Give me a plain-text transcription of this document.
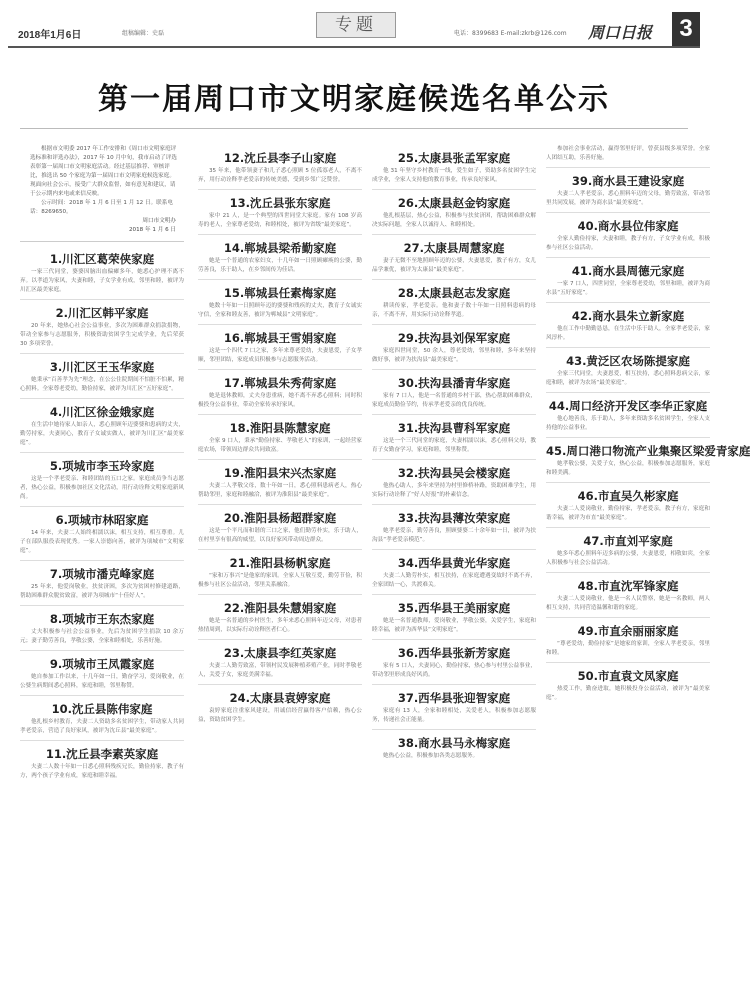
2018年1月6日	组稿编辑：史磊	专题	电话：8399683 E-mail:zkrb@126.com 周口日报	3
第一届周口市文明家庭候选名单公示
根据市文明委 2017 年工作安排和《周口市文明家庭评选标准和评选办法》，2017 年 10 月中旬，我市启动了评选表彰第一届周口市文明家庭活动。经过基层推荐、审核评比，推选出 50 个家庭为第一届周口市文明家庭候选家庭。现面向社会公示，接受广大群众监督，如有意见和建议，请于公示期内来电或来信反映。
公示时间：2018 年 1 月 6 日至 1 月 12 日。联系电话：8269650。
周口市文明办
2018 年 1 月 6 日
1.川汇区葛荣侠家庭
一家三代同堂，婆婆因脑出血偏瘫多年，她悉心护理不离不弃。以孝道为家风，夫妻和睦，子女学业有成，邻里和睦，被评为川汇区最美家庭。
2.川汇区韩平家庭
20 年来，她热心社会公益事业，多次为困难群众捐款捐物，带动全家参与志愿服务，积极资助贫困学生完成学业，先后荣获 30 多项荣誉。
3.川汇区王玉华家庭
她秉承“百善孝为先”理念，在公公住院期间不怕脏不怕累，精心照料。全家尊老爱幼，勤俭持家，被评为川汇区“五好家庭”。
4.川汇区徐金娥家庭
在生活中她待家人如亲人，悉心照顾年迈婆婆和患病的丈夫，勤劳持家，夫妻同心，教育子女诚实做人，被评为川汇区“最美家庭”。
5.项城市李玉玲家庭
这是一个孝老爱亲、和睦团结的五口之家。家庭成员争当志愿者，热心公益，积极参加社区文化活动，用行动诠释文明家庭新风尚。
6.项城市林昭家庭
14 年来，夫妻二人始终相濡以沫，相互支持，相互尊重。儿子在部队服役表现优秀。一家人崇德向善，被评为项城市“文明家庭”。
7.项城市潘克峰家庭
25 年来，他爱岗敬业，扶贫济困，多次为贫困村修建道路，帮助困难群众脱贫致富，被评为项城市“十佳好人”。
8.项城市王东杰家庭
丈夫积极参与社会公益事业，先后为贫困学生捐款 10 余万元；妻子勤劳善良，孝敬公婆，全家和睦相处，乐善好施。
9.项城市王凤霞家庭
她自参加工作以来，十几年如一日，勤奋学习，爱岗敬业，在公婆生病期间悉心照料，家庭和睦，邻里称赞。
10.沈丘县陈伟家庭
他扎根乡村教育，夫妻二人资助多名贫困学生，带动家人共同孝老爱亲，营造了良好家风，被评为沈丘县“最美家庭”。
11.沈丘县李素英家庭
夫妻二人数十年如一日悉心照料残疾兄长，勤俭持家，教子有方，两个孩子学业有成，家庭和睦幸福。
12.沈丘县李子山家庭
35 年来，他带领妻子和儿子悉心照顾 5 位孤寡老人，不离不弃，用行动诠释孝老爱亲的传统美德，受到乡邻广泛赞誉。
13.沈丘县张东家庭
家中 21 人，是一个典型的四世同堂大家庭。家有 108 岁高寿的老人，全家尊老爱幼，和睦相处，被评为省级“最美家庭”。
14.郸城县梁希勤家庭
她是一个普通的农家妇女，十几年如一日照顾瘫痪的公婆，勤劳善良，乐于助人，在乡邻间传为佳话。
15.郸城县任素梅家庭
她数十年如一日照顾年迈的婆婆和残疾的丈夫，教育子女诚实守信，全家和睦友善，被评为郸城县“文明家庭”。
16.郸城县王雪娟家庭
这是一个四代 7 口之家，多年来尊老爱幼，夫妻恩爱，子女孝顺，邻里团结，家庭成员积极参与志愿服务活动。
17.郸城县朱秀荷家庭
她是退休教师，丈夫身患重病，她不离不弃悉心照料；同时积极投身公益事业，带动全家传承好家风。
18.淮阳县陈慧家庭
全家 9 口人，秉承“勤俭持家、孝敬老人”的家训，一起经营家庭农场，带领周边群众共同致富。
19.淮阳县宋兴杰家庭
夫妻二人孝敬父母，数十年如一日，悉心照料患病老人，热心帮助邻里，家庭和睦融洽，被评为淮阳县“最美家庭”。
20.淮阳县杨超群家庭
这是一个平凡而和谐的三口之家，他们勤劳朴实，乐于助人，在村里享有很高的威望，以良好家风带动周边群众。
21.淮阳县杨帆家庭
“家和万事兴”是他家的家训。全家人互敬互爱，勤劳节俭，积极参与社区公益活动，邻里关系融洽。
22.淮阳县朱慧娟家庭
她是一名普通的乡村医生，多年来悉心照料年迈父母，对患者热情周到，以实际行动诠释医者仁心。
23.太康县李红英家庭
夫妻二人勤劳致富，带领村民发展种植养殖产业，同时孝敬老人，关爱子女，家庭美满幸福。
24.太康县袁婷家庭
袁婷家庭注重家风建设，用诚信经营赢得客户信赖，热心公益，资助贫困学生。
25.太康县张孟军家庭
他 31 年坚守乡村教育一线，爱生如子，资助多名贫困学生完成学业，全家人支持他的教育事业，传承良好家风。
26.太康县赵金钧家庭
他扎根基层，热心公益，积极参与扶贫济困，帮助困难群众解决实际问题，全家人以诚待人、和睦相处。
27.太康县周慧家庭
妻子无微不至地照顾年迈的公婆，夫妻恩爱，教子有方，女儿品学兼优，被评为太康县“最美家庭”。
28.太康县赵志发家庭
耕读传家，孝老爱亲。他和妻子数十年如一日照料患病的母亲，不离不弃，用实际行动诠释孝道。
29.扶沟县刘保军家庭
家庭四世同堂，50 余人，尊老爱幼，邻里和睦，多年来坚持做好事，被评为扶沟县“最美家庭”。
30.扶沟县潘青华家庭
家有 7 口人，他是一名普通的乡村干部，热心帮助困难群众，家庭成员勤俭节约，传承孝老爱亲的优良传统。
31.扶沟县曹科军家庭
这是一个三代同堂的家庭，夫妻相濡以沫，悉心照料父母，教育子女勤奋学习，家庭和睦，邻里称赞。
32.扶沟县吴会楼家庭
他热心助人，多年来坚持为村里修桥补路，资助困难学生，用实际行动诠释了“好人好报”的朴素信念。
33.扶沟县薄汝荣家庭
她孝老爱亲，勤劳善良，照顾婆婆二十余年如一日，被评为扶沟县“孝老爱亲模范”。
34.西华县黄光华家庭
夫妻二人勤劳朴实，相互扶持，在家庭遭遇变故时不离不弃，全家团结一心，共渡难关。
35.西华县王美丽家庭
她是一名普通教师，爱岗敬业，孝敬公婆，关爱学生，家庭和睦幸福，被评为西华县“文明家庭”。
36.西华县张新芳家庭
家有 5 口人，夫妻同心，勤俭持家，热心参与村里公益事业，带动邻里形成良好风尚。
37.西华县张迎智家庭
家庭有 13 人，全家和睦相处，关爱老人，积极参加志愿服务，传递社会正能量。
38.商水县马永梅家庭
她热心公益，积极参加各类志愿服务。
参加社会事业活动，赢得邻里好评，曾获县级多项荣誉。全家人团结互助，乐善好施。
39.商水县王建设家庭
夫妻二人孝老爱亲，悉心照料年迈的父母，勤劳致富，带动邻里共同发展，被评为商水县“最美家庭”。
40.商水县位伟家庭
全家人勤俭持家，夫妻和睦，教子有方，子女学业有成，积极参与社区公益活动。
41.商水县周德元家庭
一家 7 口人，四世同堂，全家尊老爱幼，邻里和睦，被评为商水县“五好家庭”。
42.商水县朱立新家庭
他在工作中勤勤恳恳，在生活中乐于助人，全家孝老爱亲，家风淳朴。
43.黄泛区农场陈提家庭
全家三代同堂，夫妻恩爱，相互扶持，悉心照料患病父亲，家庭和睦，被评为农场“最美家庭”。
44.周口经济开发区李华正家庭
他心地善良，乐于助人，多年来资助多名贫困学生，全家人支持他的公益事业。
45.周口港口物流产业集聚区梁爱青家庭
她孝敬公婆，关爱子女，热心公益，积极参加志愿服务，家庭和睦美满。
46.市直吴久彬家庭
夫妻二人爱岗敬业，勤俭持家，孝老爱亲，教子有方，家庭和谐幸福，被评为市直“最美家庭”。
47.市直刘平家庭
她多年悉心照料年迈多病的公婆，夫妻恩爱，相敬如宾，全家人积极参与社会公益活动。
48.市直沈军锋家庭
夫妻二人爱岗敬业，他是一名人民警察，她是一名教师，两人相互支持，共同营造温馨和谐的家庭。
49.市直余丽丽家庭
“尊老爱幼，勤俭持家”是她家的家训，全家人孝老爱亲，邻里和睦。
50.市直袁文凤家庭
热爱工作，勤奋进取，她积极投身公益活动，被评为“最美家庭”。
